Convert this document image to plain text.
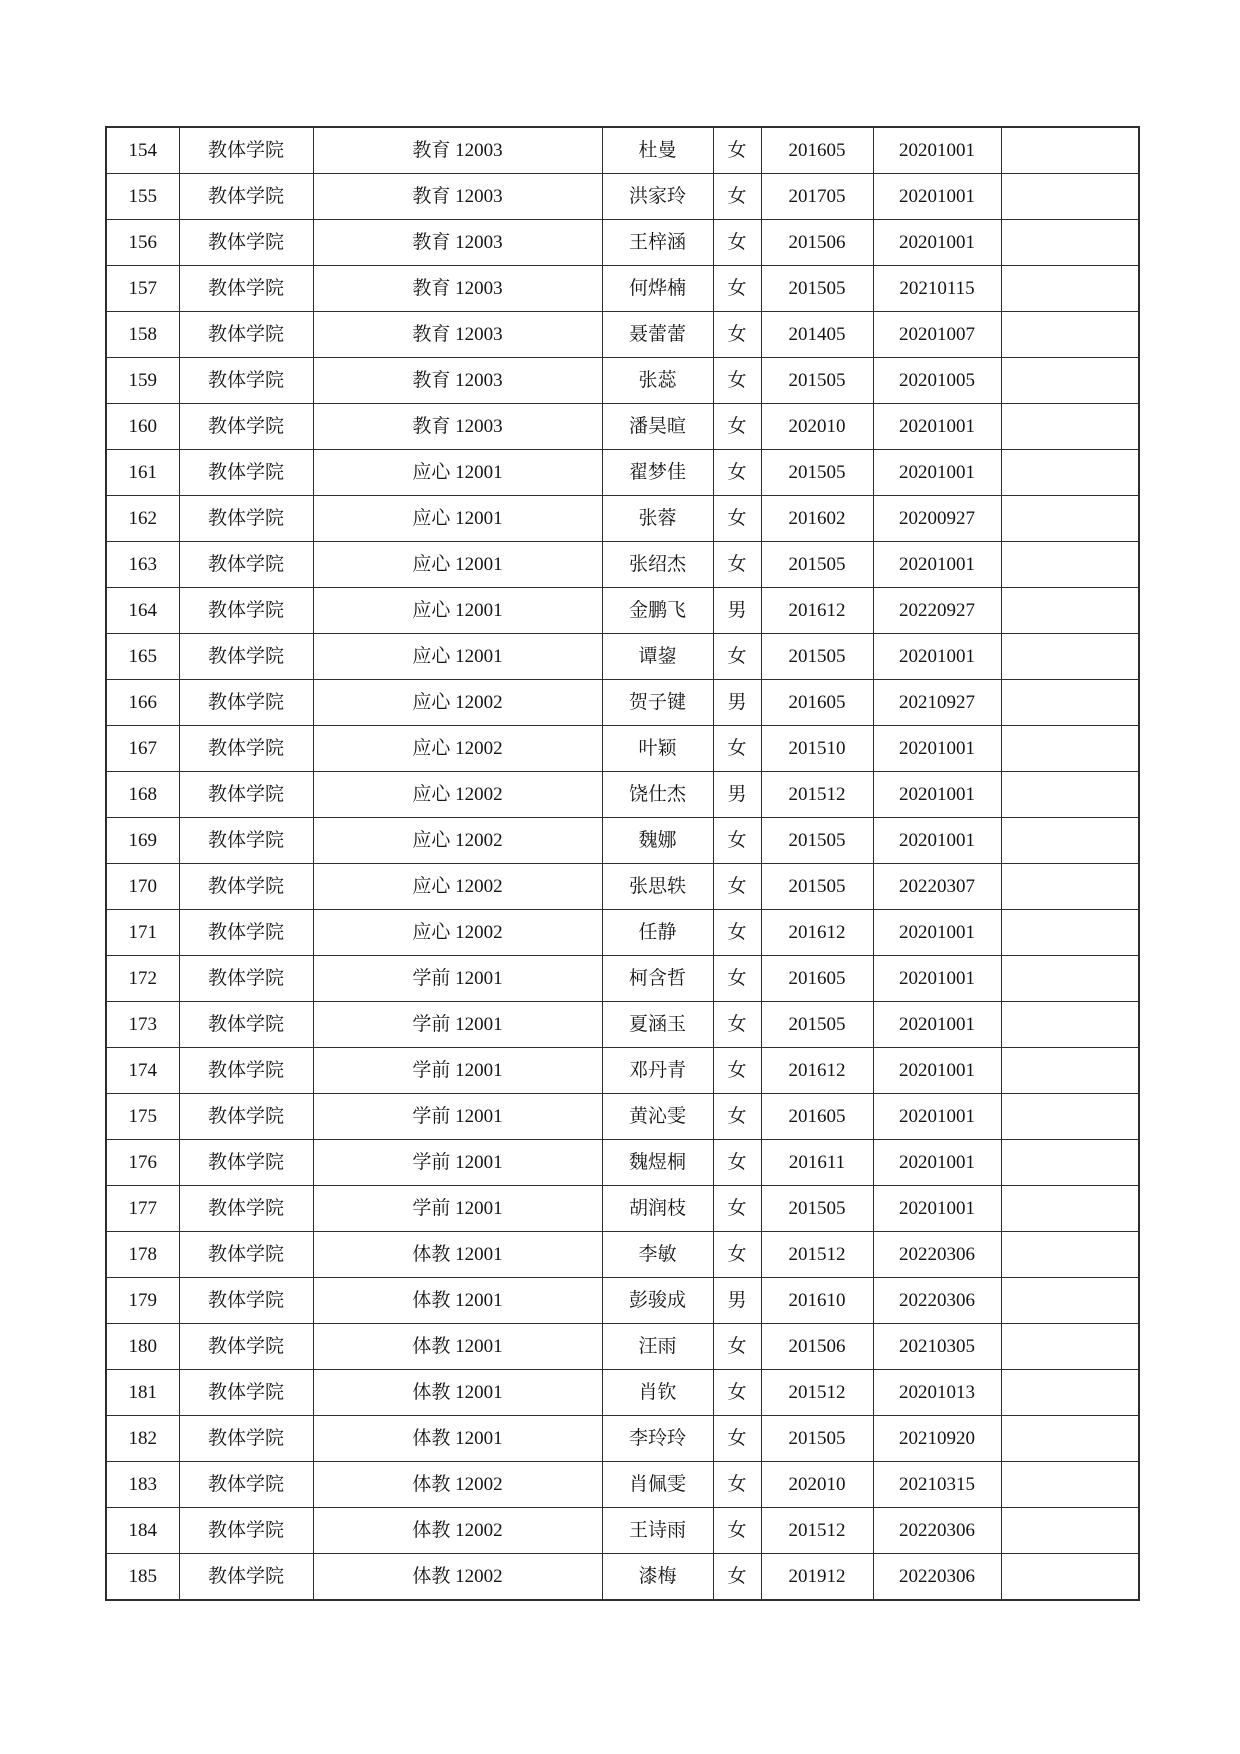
154	教体学院	教育 12003	杜曼	女	201605	20201001	
155	教体学院	教育 12003	洪家玲	女	201705	20201001	
156	教体学院	教育 12003	王梓涵	女	201506	20201001	
157	教体学院	教育 12003	何烨楠	女	201505	20210115	
158	教体学院	教育 12003	聂蕾蕾	女	201405	20201007	
159	教体学院	教育 12003	张蕊	女	201505	20201005	
160	教体学院	教育 12003	潘昊暄	女	202010	20201001	
161	教体学院	应心 12001	翟梦佳	女	201505	20201001	
162	教体学院	应心 12001	张蓉	女	201602	20200927	
163	教体学院	应心 12001	张绍杰	女	201505	20201001	
164	教体学院	应心 12001	金鹏飞	男	201612	20220927	
165	教体学院	应心 12001	谭鋆	女	201505	20201001	
166	教体学院	应心 12002	贺子键	男	201605	20210927	
167	教体学院	应心 12002	叶颖	女	201510	20201001	
168	教体学院	应心 12002	饶仕杰	男	201512	20201001	
169	教体学院	应心 12002	魏娜	女	201505	20201001	
170	教体学院	应心 12002	张思轶	女	201505	20220307	
171	教体学院	应心 12002	任静	女	201612	20201001	
172	教体学院	学前 12001	柯含哲	女	201605	20201001	
173	教体学院	学前 12001	夏涵玉	女	201505	20201001	
174	教体学院	学前 12001	邓丹青	女	201612	20201001	
175	教体学院	学前 12001	黄沁雯	女	201605	20201001	
176	教体学院	学前 12001	魏煜桐	女	201611	20201001	
177	教体学院	学前 12001	胡润枝	女	201505	20201001	
178	教体学院	体教 12001	李敏	女	201512	20220306	
179	教体学院	体教 12001	彭骏成	男	201610	20220306	
180	教体学院	体教 12001	汪雨	女	201506	20210305	
181	教体学院	体教 12001	肖钦	女	201512	20201013	
182	教体学院	体教 12001	李玲玲	女	201505	20210920	
183	教体学院	体教 12002	肖佩雯	女	202010	20210315	
184	教体学院	体教 12002	王诗雨	女	201512	20220306	
185	教体学院	体教 12002	漆梅	女	201912	20220306	
